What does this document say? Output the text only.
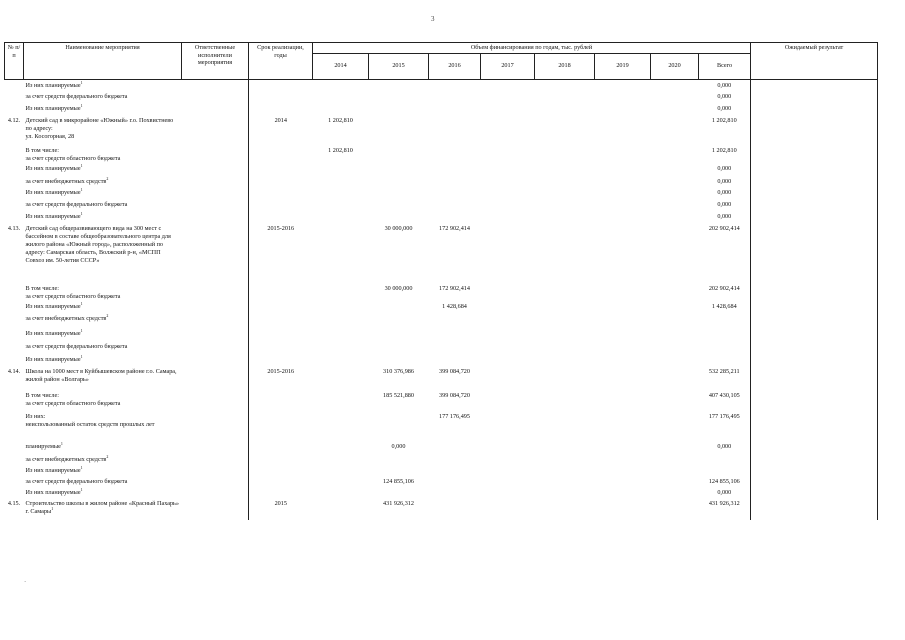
3
№ п/п	Наименование мероприятия	Ответственные исполнители мероприятия	Срок реализации, годы	Объем финансирования по годам, тыс. рублей								Ожидаемый результат
				2014	2015	2016	2017	2018	2019	2020	Всего	

	Из них планируемые$^1$										0,000	

	за счет средств федерального бюджета										0,000	

	Из них планируемые$^1$										0,000	
4.12.	Детский сад в микрорайоне «Южный» г.о. Похвистнево по адресу:
ул. Косогорная, 28		2014	1 202,810							1 202,810	

	В том числе:
за счет средств областного бюджета			1 202,810							1 202,810	

	Из них планируемые$^1$										0,000	

	за счет внебюджетных средств$^2$										0,000	

	Из них планируемые$^1$										0,000	

	за счет средств федерального бюджета										0,000	

	Из них планируемые$^1$										0,000	
4.13.	Детский сад общеразвивающего вида на 300 мест с бассейном в составе общеобразовательного центра для жилого района «Южный город», расположенный по адресу: Самарская область, Волжский р-н, «МСПП Совхоз им. 50-летия СССР»		2015-2016		30 000,000	172 902,414					202 902,414	

	В том числе:
за счет средств областного бюджета				30 000,000	172 902,414					202 902,414	

	Из них планируемые$^1$					1 428,684					1 428,684	

	за счет внебюджетных средств$^2$

	Из них планируемые$^1$

	за счет средств федерального бюджета											

	Из них планируемые$^1$

4.14.	Школа на 1000 мест в Куйбышевском районе г.о. Самара, жилой район «Волгарь»		2015-2016		310 376,986	399 084,720					532 285,211	

	В том числе:
за счет средств областного бюджета				185 521,880	399 084,720					407 430,105	

	Из них:
неиспользованный остаток средств прошлых лет					177 176,495					177 176,495	

	планируемые$^1$				0,000						0,000	

	за счет внебюджетных средств$^2$

	Из них планируемые$^1$

	за счет средств федерального бюджета				124 855,106						124 855,106	

	Из них планируемые$^1$										0,000	
4.15.	Строительство школы в жилом районе «Красный Пахарь» г. Самары$^1$		2015		431 926,312						431 926,312	
`
